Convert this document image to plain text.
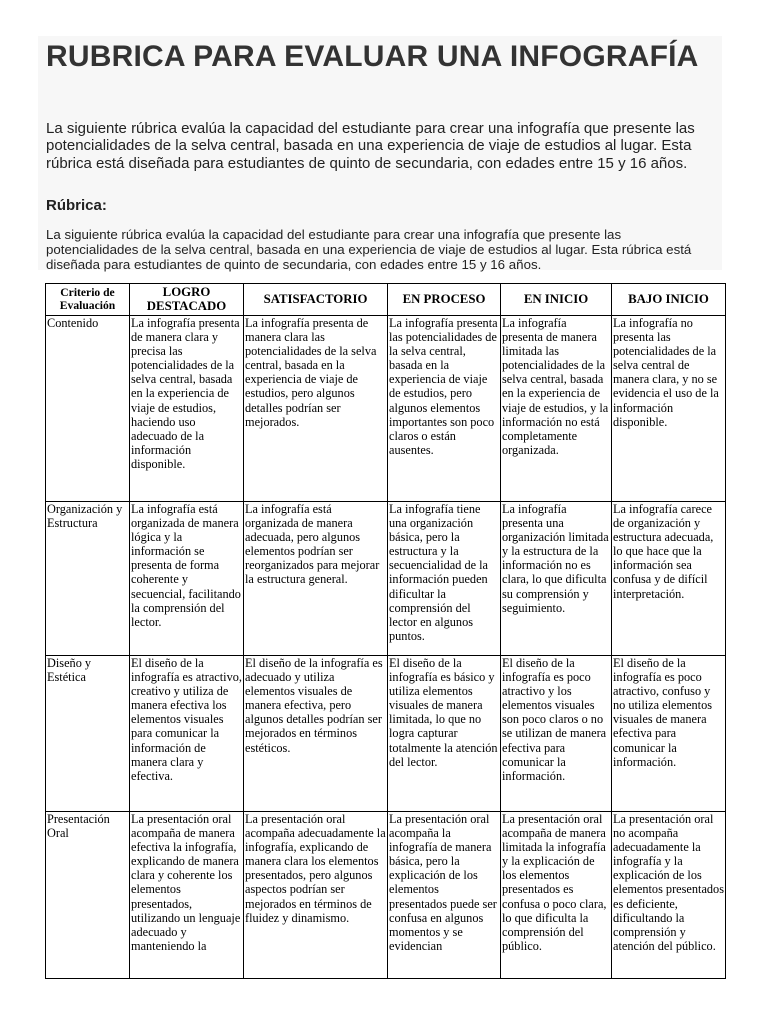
RUBRICA PARA EVALUAR UNA INFOGRAFÍA

La siguiente rúbrica evalúa la capacidad del estudiante para crear una infografía que presente las potencialidades de la selva central, basada en una experiencia de viaje de estudios al lugar. Esta rúbrica está diseñada para estudiantes de quinto de secundaria, con edades entre 15 y 16 años.

Rúbrica:

La siguiente rúbrica evalúa la capacidad del estudiante para crear una infografía que presente las potencialidades de la selva central, basada en una experiencia de viaje de estudios al lugar. Esta rúbrica está diseñada para estudiantes de quinto de secundaria, con edades entre 15 y 16 años.

Criterio de Evaluación	LOGRO DESTACADO	SATISFACTORIO	EN PROCESO	EN INICIO	BAJO INICIO
Contenido	La infografía presenta de manera clara y precisa las potencialidades de la selva central, basada en la experiencia de viaje de estudios, haciendo uso adecuado de la información disponible.	La infografía presenta de manera clara las potencialidades de la selva central, basada en la experiencia de viaje de estudios, pero algunos detalles podrían ser mejorados.	La infografía presenta las potencialidades de la selva central, basada en la experiencia de viaje de estudios, pero algunos elementos importantes son poco claros o están ausentes.	La infografía presenta de manera limitada las potencialidades de la selva central, basada en la experiencia de viaje de estudios, y la información no está completamente organizada.	La infografía no presenta las potencialidades de la selva central de manera clara, y no se evidencia el uso de la información disponible.
Organización y Estructura	La infografía está organizada de manera lógica y la información se presenta de forma coherente y secuencial, facilitando la comprensión del lector.	La infografía está organizada de manera adecuada, pero algunos elementos podrían ser reorganizados para mejorar la estructura general.	La infografía tiene una organización básica, pero la estructura y la secuencialidad de la información pueden dificultar la comprensión del lector en algunos puntos.	La infografía presenta una organización limitada y la estructura de la información no es clara, lo que dificulta su comprensión y seguimiento.	La infografía carece de organización y estructura adecuada, lo que hace que la información sea confusa y de difícil interpretación.
Diseño y Estética	El diseño de la infografía es atractivo, creativo y utiliza de manera efectiva los elementos visuales para comunicar la información de manera clara y efectiva.	El diseño de la infografía es adecuado y utiliza elementos visuales de manera efectiva, pero algunos detalles podrían ser mejorados en términos estéticos.	El diseño de la infografía es básico y utiliza elementos visuales de manera limitada, lo que no logra capturar totalmente la atención del lector.	El diseño de la infografía es poco atractivo y los elementos visuales son poco claros o no se utilizan de manera efectiva para comunicar la información.	El diseño de la infografía es poco atractivo, confuso y no utiliza elementos visuales de manera efectiva para comunicar la información.
Presentación Oral	La presentación oral acompaña de manera efectiva la infografía, explicando de manera clara y coherente los elementos presentados, utilizando un lenguaje adecuado y manteniendo la	La presentación oral acompaña adecuadamente la infografía, explicando de manera clara los elementos presentados, pero algunos aspectos podrían ser mejorados en términos de fluidez y dinamismo.	La presentación oral acompaña la infografía de manera básica, pero la explicación de los elementos presentados puede ser confusa en algunos momentos y se evidencian	La presentación oral acompaña de manera limitada la infografía y la explicación de los elementos presentados es confusa o poco clara, lo que dificulta la comprensión del público.	La presentación oral no acompaña adecuadamente la infografía y la explicación de los elementos presentados es deficiente, dificultando la comprensión y atención del público.
